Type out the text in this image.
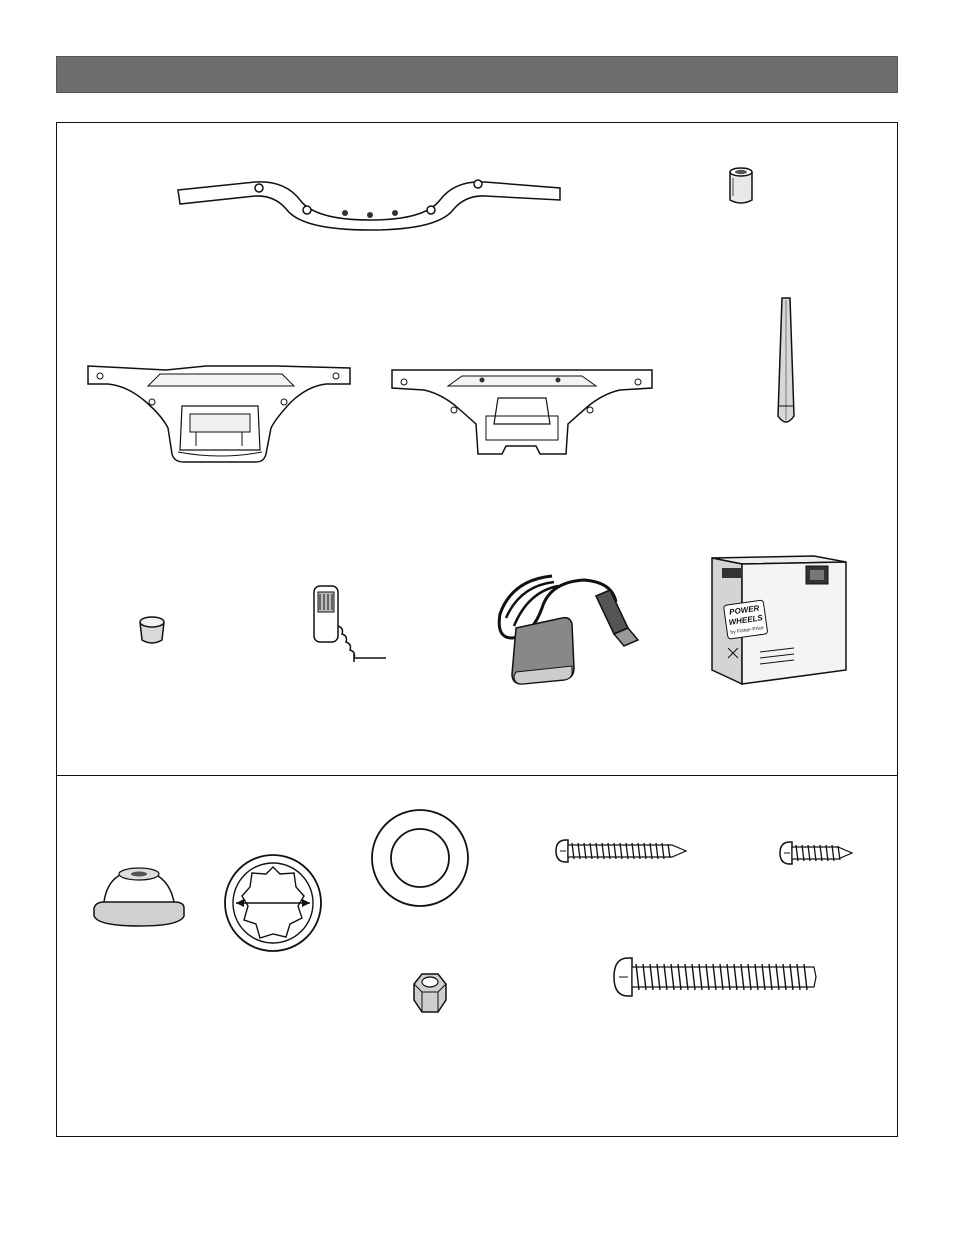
POWER
WHEELS
by Fisher-Price
